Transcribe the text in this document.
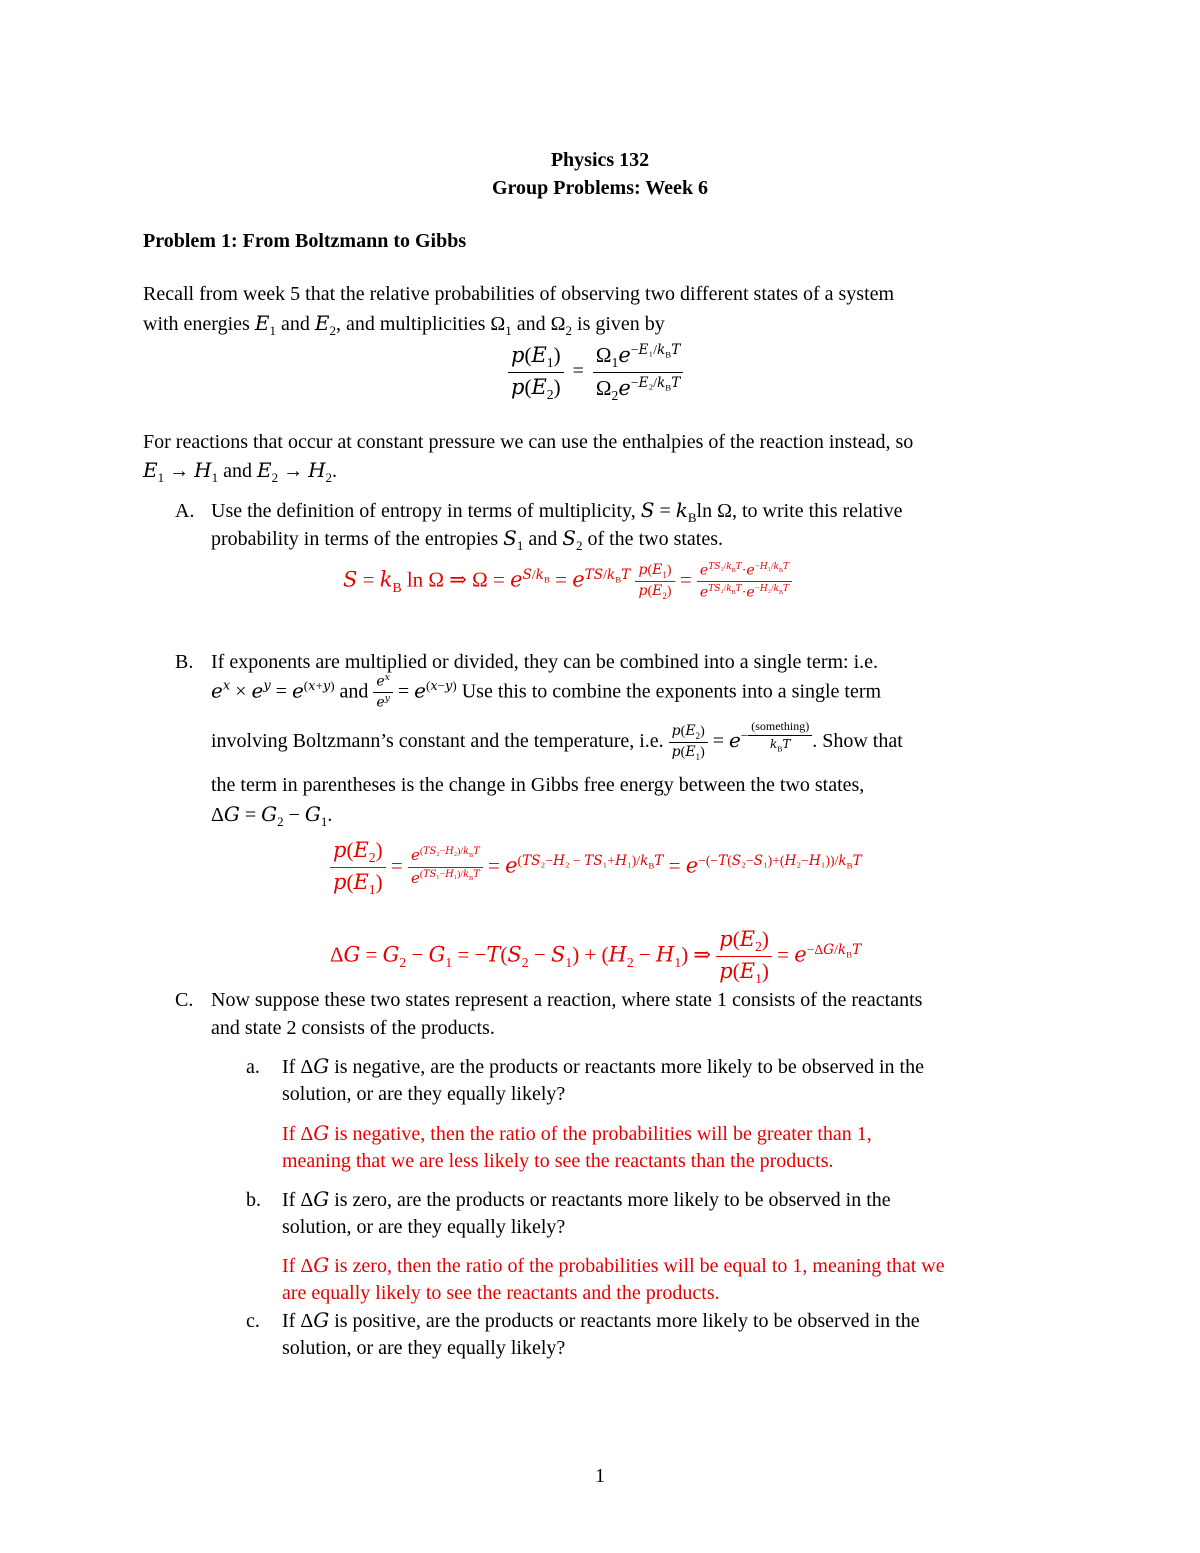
Physics 132
Group Problems: Week 6
Problem 1: From Boltzmann to Gibbs
Recall from week 5 that the relative probabilities of observing two different states of a system
with energies $E_1$ and $E_2$, and multiplicities $\Omega_1$ and $\Omega_2$ is given by
$\frac{p(E_1)}{p(E_2)} = \frac{\Omega_1e^{-E_1/k_BT}}{\Omega_2e^{-E_2/k_BT}}$
For reactions that occur at constant pressure we can use the enthalpies of the reaction instead, so
$E_1 \to H_1$ and $E_2 \to H_2$.
A. Use the definition of entropy in terms of multiplicity, $S = k_B\ln$ Ω, to write this relative
probability in terms of the entropies $S_1$ and $S_2$ of the two states.
$S = k_B$ ln Ω ⇒ $\Omega = e^{S/k_B} = e^{TS/k_BT} \frac{p(E_1)}{p(E_2)} = \frac{e^{TS_1/k_BT}\cdot e^{-H_1/k_BT}}{e^{TS_2/k_BT}\cdot e^{-H_2/k_BT}}$
B. If exponents are multiplied or divided, they can be combined into a single term: i.e.
$e^x \times e^y = e^{(x+y)}$ and $\frac{e^x}{e^y} = e^{(x-y)}$ Use this to combine the exponents into a single term
involving Boltzmann’s constant and the temperature, i.e. $\frac{p(E_2)}{p(E_1)} = e^{- \frac{\text{(something)}}{k_BT}}$ . Show that
the term in parentheses is the change in Gibbs free energy between the two states,
$\Delta G = G_2 - G_1$.
$\frac{p(E_2)}{p(E_1)} = \frac{e^{(TS_2-H_2)/k_BT}}{e^{(TS_1-H_1)/k_BT}} = e^{(TS_2-H_2 - TS_1+H_1)/k_BT} = e^{-(-T(S_2-S_1)+(H_2-H_1))/k_BT}$
$\Delta G = G_2 - G_1 = -T(S_2 - S_1) + (H_2 - H_1)$ ⇒ $\frac{p(E_2)}{p(E_1)} = e^{-\Delta G/k_BT}$
C. Now suppose these two states represent a reaction, where state 1 consists of the reactants
and state 2 consists of the products.
a. If ΔG is negative, are the products or reactants more likely to be observed in the
solution, or are they equally likely?
If ΔG is negative, then the ratio of the probabilities will be greater than 1,
meaning that we are less likely to see the reactants than the products.
b. If ΔG is zero, are the products or reactants more likely to be observed in the
solution, or are they equally likely?
If ΔG is zero, then the ratio of the probabilities will be equal to 1, meaning that we
are equally likely to see the reactants and the products.
c. If ΔG is positive, are the products or reactants more likely to be observed in the
solution, or are they equally likely?
1
